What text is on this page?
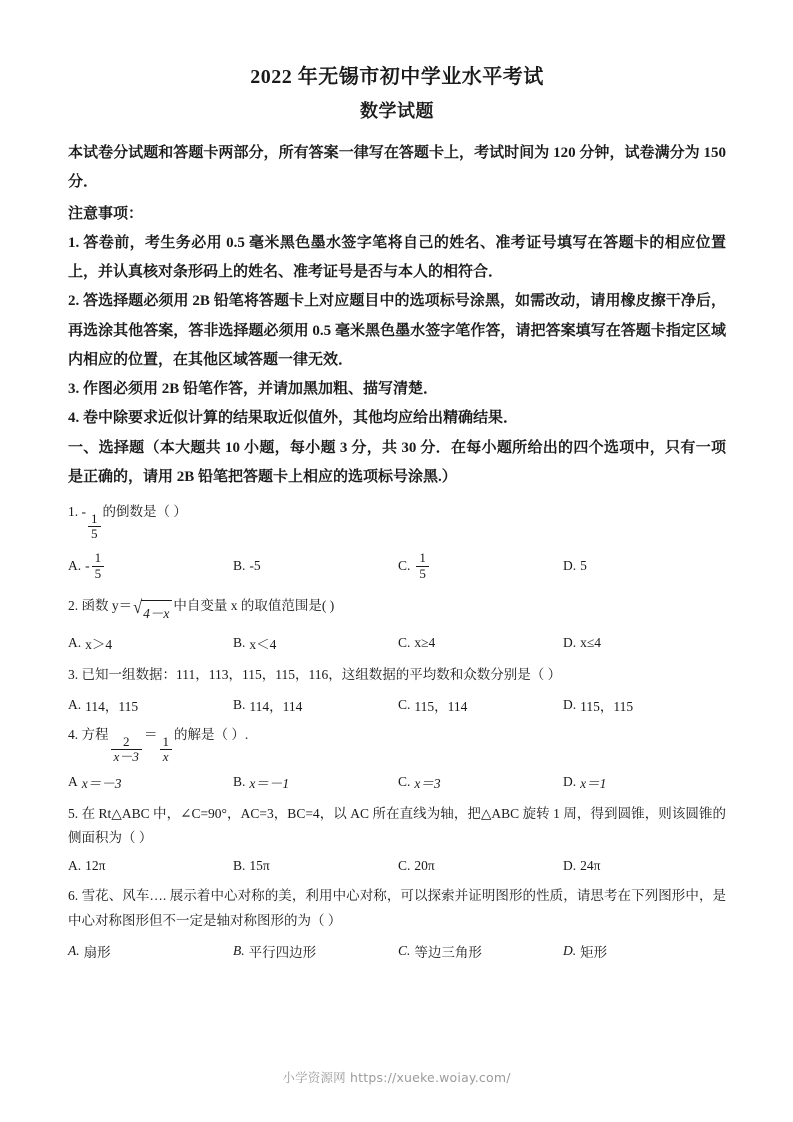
2022 年无锡市初中学业水平考试
数学试题

本试卷分试题和答题卡两部分，所有答案一律写在答题卡上，考试时间为 120 分钟，试卷满分为 150 分．

注意事项：

1. 答卷前，考生务必用 0.5 毫米黑色墨水签字笔将自己的姓名、准考证号填写在答题卡的相应位置上，并认真核对条形码上的姓名、准考证号是否与本人的相符合．

2. 答选择题必须用 2B 铅笔将答题卡上对应题目中的选项标号涂黑，如需改动，请用橡皮擦干净后，再选涂其他答案，答非选择题必须用 0.5 毫米黑色墨水签字笔作答，请把答案填写在答题卡指定区域内相应的位置，在其他区域答题一律无效．

3. 作图必须用 2B 铅笔作答，并请加黑加粗、描写清楚．

4. 卷中除要求近似计算的结果取近似值外，其他均应给出精确结果．

一、选择题（本大题共 10 小题，每小题 3 分，共 30 分．在每小题所给出的四个选项中，只有一项是正确的，请用 2B 铅笔把答题卡上相应的选项标号涂黑.）

1. -
$\frac{1}{5}$
的倒数是（ ）

A. - $\frac{1}{5}$	B. -5	C. $\frac{1}{5}$	D. 5

2. 函数 y＝ √ 4－x 中自变量 x 的取值范围是( )

A. x＞4	B. x＜4	C. x≥4	D. x≤4

3. 已知一组数据：111，113，115，115，116，这组数据的平均数和众数分别是（ ）

A. 114，115	B. 114，114	C. 115，114	D. 115，115

4. 方程
$\frac{2}{x-3}$
＝
$\frac{1}{x}$
的解是（ ）.

A x＝－3	B. x＝－1	C. x＝3	D. x＝1

5. 在 Rt△ABC 中，∠C=90°，AC=3，BC=4，以 AC 所在直线为轴，把△ABC 旋转 1 周，得到圆锥，则该圆锥的侧面积为（ ）

A. 12π	B. 15π	C. 20π	D. 24π

6. 雪花、风车…. 展示着中心对称的美，利用中心对称，可以探索并证明图形的性质，请思考在下列图形中，是中心对称图形但不一定是轴对称图形的为（ ）

A. 扇形	B. 平行四边形	C. 等边三角形	D. 矩形
小学资源网 https://xueke.woiay.com/
